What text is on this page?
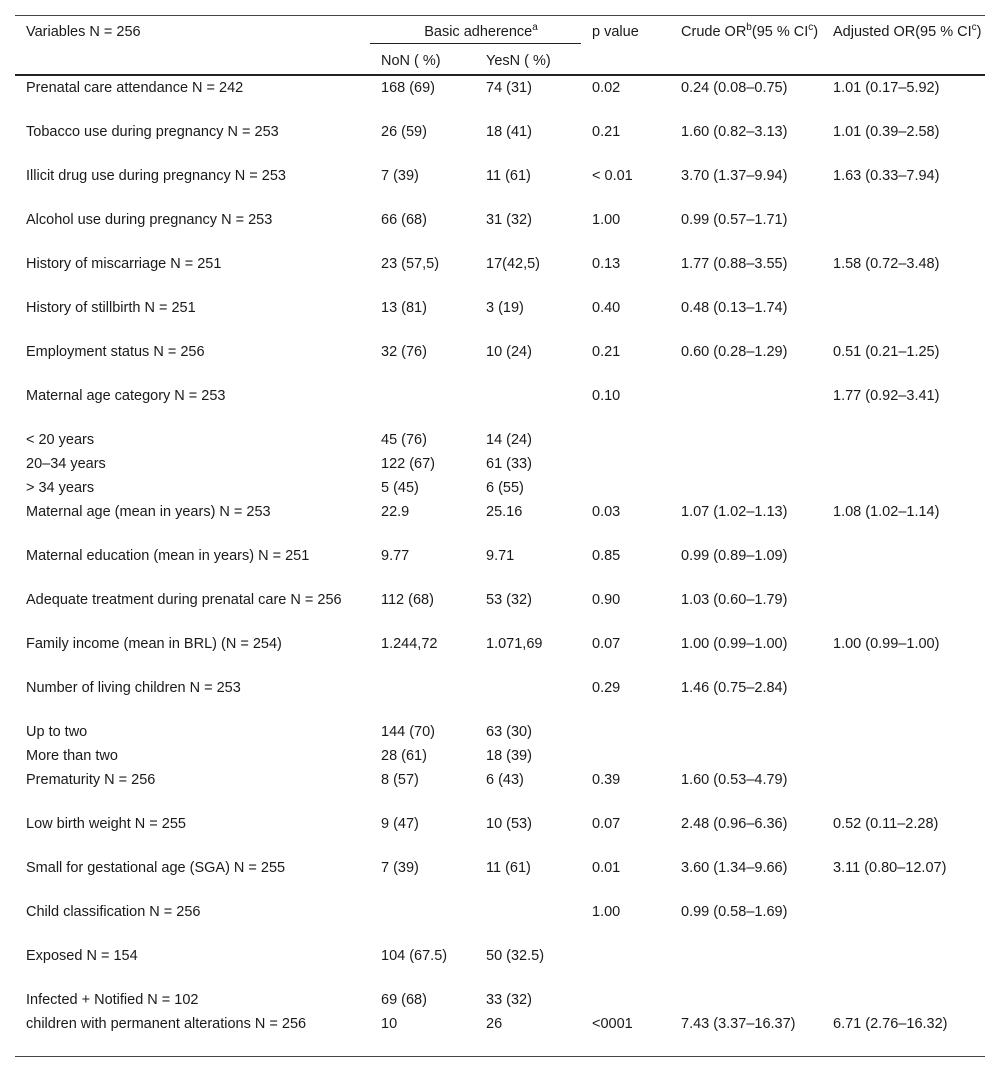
Variables N = 256	Basic adherence$^a$		p value	Crude $OR^b(95$ % $CI^c$)	Adjusted OR(95 % $CI^c$)
	NoN ( %)	YesN ( %)			
Prenatal care attendance N = 242	168 (69)	74 (31)	0.02	0.24 (0.08–0.75)	1.01 (0.17–5.92)
Tobacco use during pregnancy N = 253	26 (59)	18 (41)	0.21	1.60 (0.82–3.13)	1.01 (0.39–2.58)
Illicit drug use during pregnancy N = 253	7 (39)	11 (61)	< 0.01	3.70 (1.37–9.94)	1.63 (0.33–7.94)
Alcohol use during pregnancy N = 253	66 (68)	31 (32)	1.00	0.99 (0.57–1.71)	
History of miscarriage N = 251	23 (57,5)	17(42,5)	0.13	1.77 (0.88–3.55)	1.58 (0.72–3.48)
History of stillbirth N = 251	13 (81)	3 (19)	0.40	0.48 (0.13–1.74)	
Employment status N = 256	32 (76)	10 (24)	0.21	0.60 (0.28–1.29)	0.51 (0.21–1.25)
Maternal age category N = 253			0.10		1.77 (0.92–3.41)
< 20 years	45 (76)	14 (24)			
20–34 years	122 (67)	61 (33)			
> 34 years	5 (45)	6 (55)			
Maternal age (mean in years) N = 253	22.9	25.16	0.03	1.07 (1.02–1.13)	1.08 (1.02–1.14)
Maternal education (mean in years) N = 251	9.77	9.71	0.85	0.99 (0.89–1.09)	
Adequate treatment during prenatal care N = 256	112 (68)	53 (32)	0.90	1.03 (0.60–1.79)	
Family income (mean in BRL) (N = 254)	1.244,72	1.071,69	0.07	1.00 (0.99–1.00)	1.00 (0.99–1.00)
Number of living children N = 253			0.29	1.46 (0.75–2.84)	
Up to two	144 (70)	63 (30)			
More than two	28 (61)	18 (39)			
Prematurity N = 256	8 (57)	6 (43)	0.39	1.60 (0.53–4.79)	
Low birth weight N = 255	9 (47)	10 (53)	0.07	2.48 (0.96–6.36)	0.52 (0.11–2.28)
Small for gestational age (SGA) N = 255	7 (39)	11 (61)	0.01	3.60 (1.34–9.66)	3.11 (0.80–12.07)
Child classification N = 256			1.00	0.99 (0.58–1.69)	
Exposed N = 154	104 (67.5)	50 (32.5)			
Infected + Notified N = 102	69 (68)	33 (32)			
children with permanent alterations N = 256	10	26	<0001	7.43 (3.37–16.37)	6.71 (2.76–16.32)
